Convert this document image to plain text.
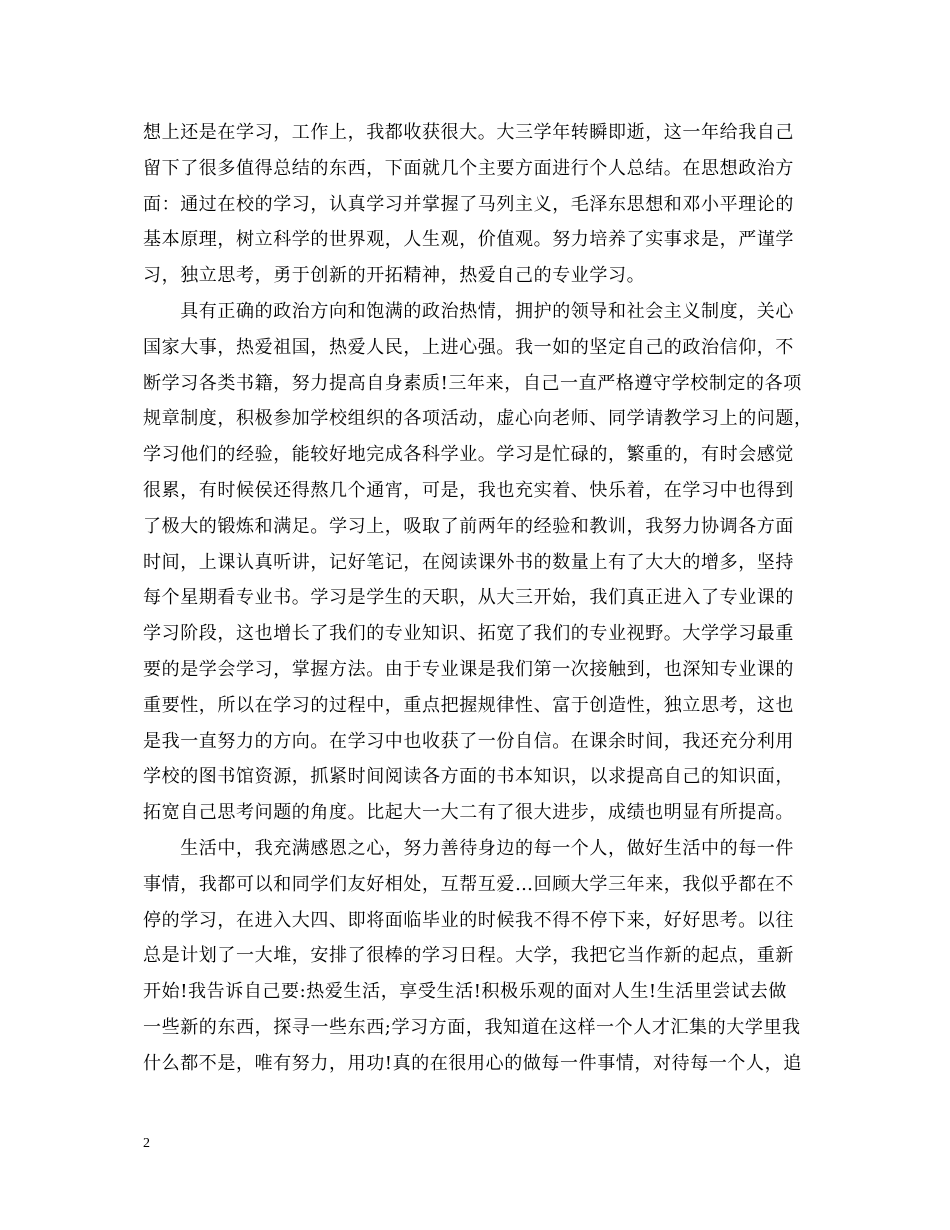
想上还是在学习，工作上，我都收获很大。大三学年转瞬即逝，这一年给我自己
留下了很多值得总结的东西，下面就几个主要方面进行个人总结。在思想政治方
面：通过在校的学习，认真学习并掌握了马列主义，毛泽东思想和邓小平理论的
基本原理，树立科学的世界观，人生观，价值观。努力培养了实事求是，严谨学
习，独立思考，勇于创新的开拓精神，热爱自己的专业学习。
　　具有正确的政治方向和饱满的政治热情，拥护的领导和社会主义制度，关心
国家大事，热爱祖国，热爱人民，上进心强。我一如的坚定自己的政治信仰，不
断学习各类书籍，努力提高自身素质!三年来，自己一直严格遵守学校制定的各项
规章制度，积极参加学校组织的各项活动，虚心向老师、同学请教学习上的问题，
学习他们的经验，能较好地完成各科学业。学习是忙碌的，繁重的，有时会感觉
很累，有时候侯还得熬几个通宵，可是，我也充实着、快乐着，在学习中也得到
了极大的锻炼和满足。学习上，吸取了前两年的经验和教训，我努力协调各方面
时间，上课认真听讲，记好笔记，在阅读课外书的数量上有了大大的增多，坚持
每个星期看专业书。学习是学生的天职，从大三开始，我们真正进入了专业课的
学习阶段，这也增长了我们的专业知识、拓宽了我们的专业视野。大学学习最重
要的是学会学习，掌握方法。由于专业课是我们第一次接触到，也深知专业课的
重要性，所以在学习的过程中，重点把握规律性、富于创造性，独立思考，这也
是我一直努力的方向。在学习中也收获了一份自信。在课余时间，我还充分利用
学校的图书馆资源，抓紧时间阅读各方面的书本知识，以求提高自己的知识面，
拓宽自己思考问题的角度。比起大一大二有了很大进步，成绩也明显有所提高。
　　生活中，我充满感恩之心，努力善待身边的每一个人，做好生活中的每一件
事情，我都可以和同学们友好相处，互帮互爱…回顾大学三年来，我似乎都在不
停的学习，在进入大四、即将面临毕业的时候我不得不停下来，好好思考。以往
总是计划了一大堆，安排了很棒的学习日程。大学，我把它当作新的起点，重新
开始!我告诉自己要:热爱生活，享受生活!积极乐观的面对人生!生活里尝试去做
一些新的东西，探寻一些东西;学习方面，我知道在这样一个人才汇集的大学里我
什么都不是，唯有努力，用功!真的在很用心的做每一件事情，对待每一个人，追
2
